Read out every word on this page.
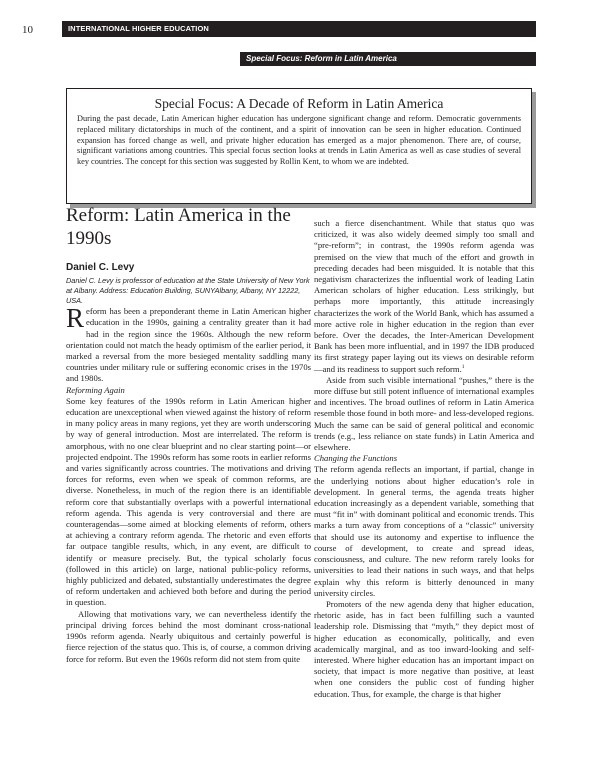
10	INTERNATIONAL HIGHER EDUCATION
Special Focus: Reform in Latin America
Special Focus: A Decade of Reform in Latin America
During the past decade, Latin American higher education has undergone significant change and reform. Democratic governments replaced military dictatorships in much of the continent, and a spirit of innovation can be seen in higher education. Continued expansion has forced change as well, and private higher education has emerged as a major phenomenon. There are, of course, significant variations among countries. This special focus section looks at trends in Latin America as well as case studies of several key countries. The concept for this section was suggested by Rollin Kent, to whom we are indebted.
Reform: Latin America in the 1990s
Daniel C. Levy
Daniel C. Levy is professor of education at the State University of New York at Albany. Address: Education Building, SUNYAlbany, Albany, NY 12222, USA.

Reform has been a preponderant theme in Latin American higher education in the 1990s, gaining a centrality greater than it had had in the region since the 1960s. Although the new reform orientation could not match the heady optimism of the earlier period, it marked a reversal from the more besieged mentality saddling many countries under military rule or suffering economic crises in the 1970s and 1980s.

Reforming Again

Some key features of the 1990s reform in Latin American higher education are unexceptional when viewed against the history of reform in many policy areas in many regions, yet they are worth underscoring by way of general introduction. Most are interrelated. The reform is amorphous, with no one clear blueprint and no clear starting point—or projected endpoint. The 1990s reform has some roots in earlier reforms and varies significantly across countries. The motivations and driving forces for reforms, even when we speak of common reforms, are diverse. Nonetheless, in much of the region there is an identifiable reform core that substantially overlaps with a powerful international reform agenda. This agenda is very controversial and there are counteragendas—some aimed at blocking elements of reform, others at achieving a contrary reform agenda. The rhetoric and even efforts far outpace tangible results, which, in any event, are difficult to identify or measure precisely. But, the typical scholarly focus (followed in this article) on large, national public-policy reforms, highly publicized and debated, substantially underestimates the degree of reform undertaken and achieved both before and during the period in question.

Allowing that motivations vary, we can nevertheless identify the principal driving forces behind the most dominant cross-national 1990s reform agenda. Nearly ubiquitous and certainly powerful is fierce rejection of the status quo. This is, of course, a common driving force for reform. But even the 1960s reform did not stem from quite

such a fierce disenchantment. While that status quo was criticized, it was also widely deemed simply too small and “pre-reform”; in contrast, the 1990s reform agenda was premised on the view that much of the effort and growth in preceding decades had been misguided. It is notable that this negativism characterizes the influential work of leading Latin American scholars of higher education. Less strikingly, but perhaps more importantly, this attitude increasingly characterizes the work of the World Bank, which has assumed a more active role in higher education in the region than ever before. Over the decades, the Inter-American Development Bank has been more influential, and in 1997 the IDB produced its first strategy paper laying out its views on desirable reform—and its readiness to support such reform.$^1$

Aside from such visible international “pushes,” there is the more diffuse but still potent influence of international examples and incentives. The broad outlines of reform in Latin America resemble those found in both more- and less-developed regions. Much the same can be said of general political and economic trends (e.g., less reliance on state funds) in Latin America and elsewhere.

Changing the Functions

The reform agenda reflects an important, if partial, change in the underlying notions about higher education’s role in development. In general terms, the agenda treats higher education increasingly as a dependent variable, something that must “fit in” with dominant political and economic trends. This marks a turn away from conceptions of a “classic” university that should use its autonomy and expertise to influence the course of development, to create and spread ideas, consciousness, and culture. The new reform rarely looks for universities to lead their nations in such ways, and that helps explain why this reform is bitterly denounced in many university circles.

Promoters of the new agenda deny that higher education, rhetoric aside, has in fact been fulfilling such a vaunted leadership role. Dismissing that “myth,” they depict most of higher education as economically, politically, and even academically marginal, and as too inward-looking and self-interested. Where higher education has an important impact on society, that impact is more negative than positive, at least when one considers the public cost of funding higher education. Thus, for example, the charge is that higher
